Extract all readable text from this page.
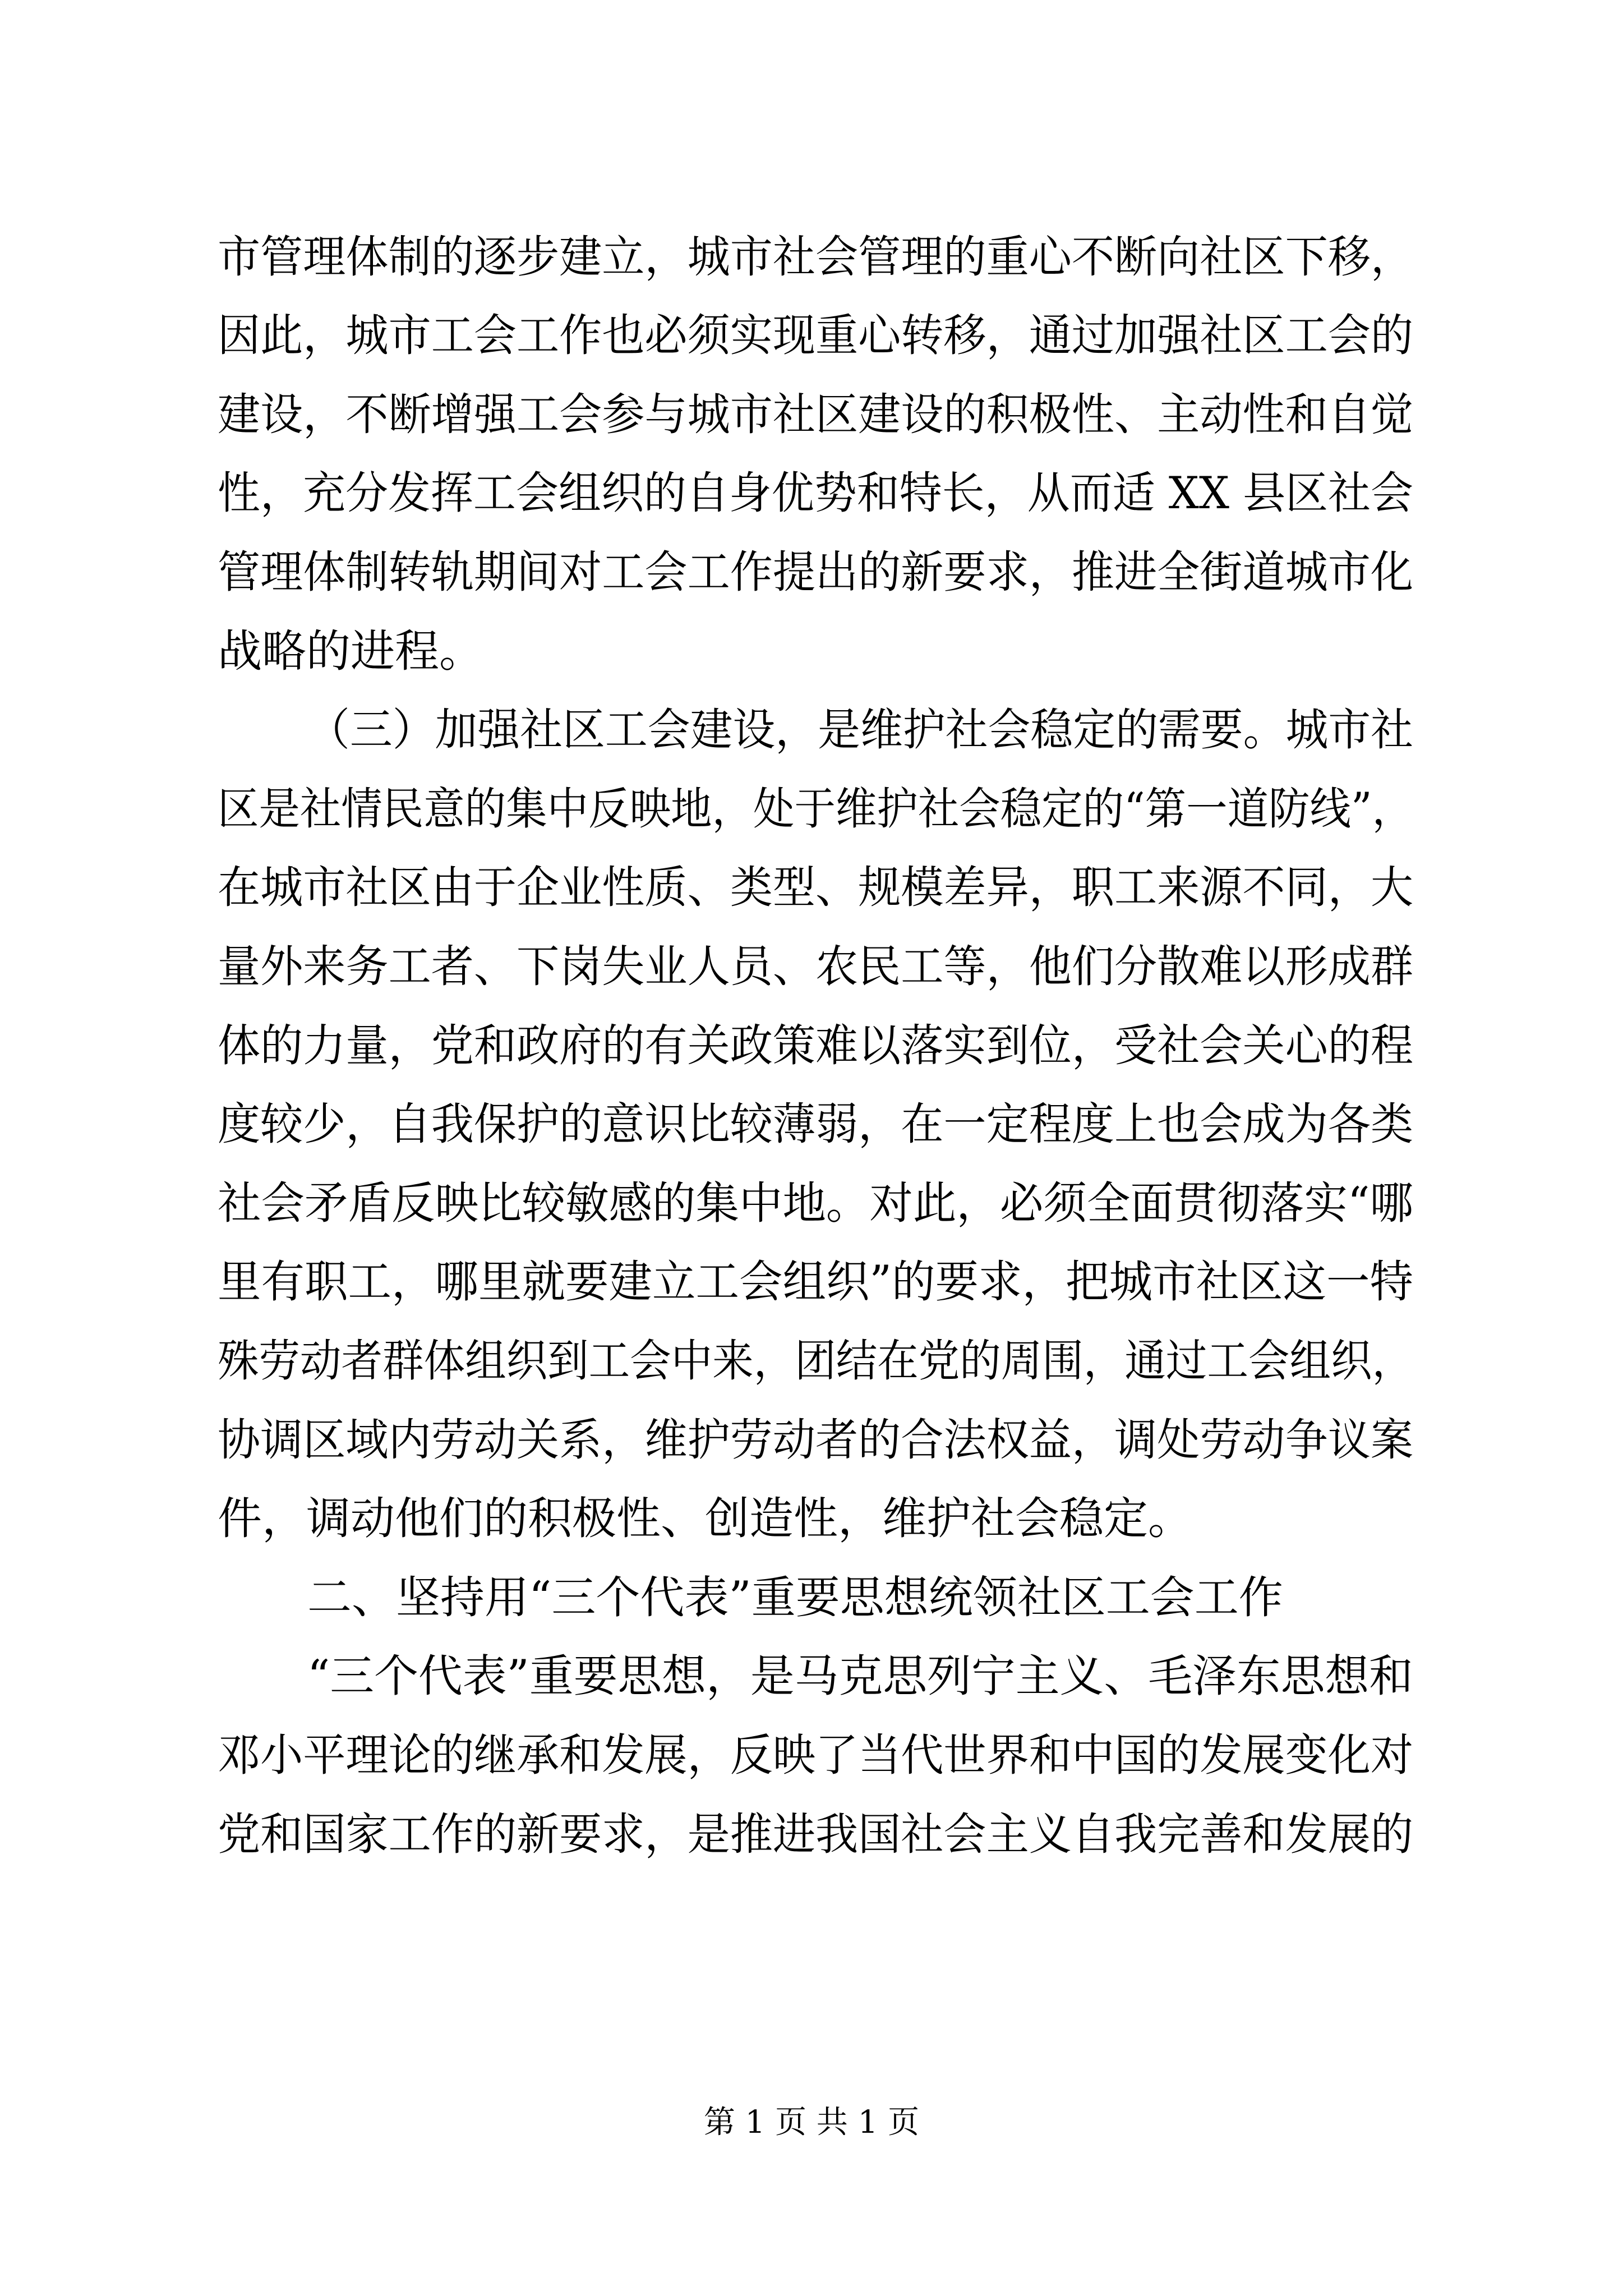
市管理体制的逐步建立，城市社会管理的重心不断向社区下移，

因此，城市工会工作也必须实现重心转移，通过加强社区工会的

建设，不断增强工会参与城市社区建设的积极性、主动性和自觉

性，充分发挥工会组织的自身优势和特长，从而适 XX 县区社会

管理体制转轨期间对工会工作提出的新要求，推进全街道城市化

战略的进程。

（三）加强社区工会建设，是维护社会稳定的需要。城市社

区是社情民意的集中反映地，处于维护社会稳定的“第一道防线”，

在城市社区由于企业性质、类型、规模差异，职工来源不同，大

量外来务工者、下岗失业人员、农民工等，他们分散难以形成群

体的力量，党和政府的有关政策难以落实到位，受社会关心的程

度较少，自我保护的意识比较薄弱，在一定程度上也会成为各类

社会矛盾反映比较敏感的集中地。对此，必须全面贯彻落实“哪

里有职工，哪里就要建立工会组织”的要求，把城市社区这一特

殊劳动者群体组织到工会中来，团结在党的周围，通过工会组织，

协调区域内劳动关系，维护劳动者的合法权益，调处劳动争议案

件，调动他们的积极性、创造性，维护社会稳定。

二、坚持用“三个代表”重要思想统领社区工会工作

“三个代表”重要思想，是马克思列宁主义、毛泽东思想和

邓小平理论的继承和发展，反映了当代世界和中国的发展变化对

党和国家工作的新要求，是推进我国社会主义自我完善和发展的

第 1 页 共 1 页
